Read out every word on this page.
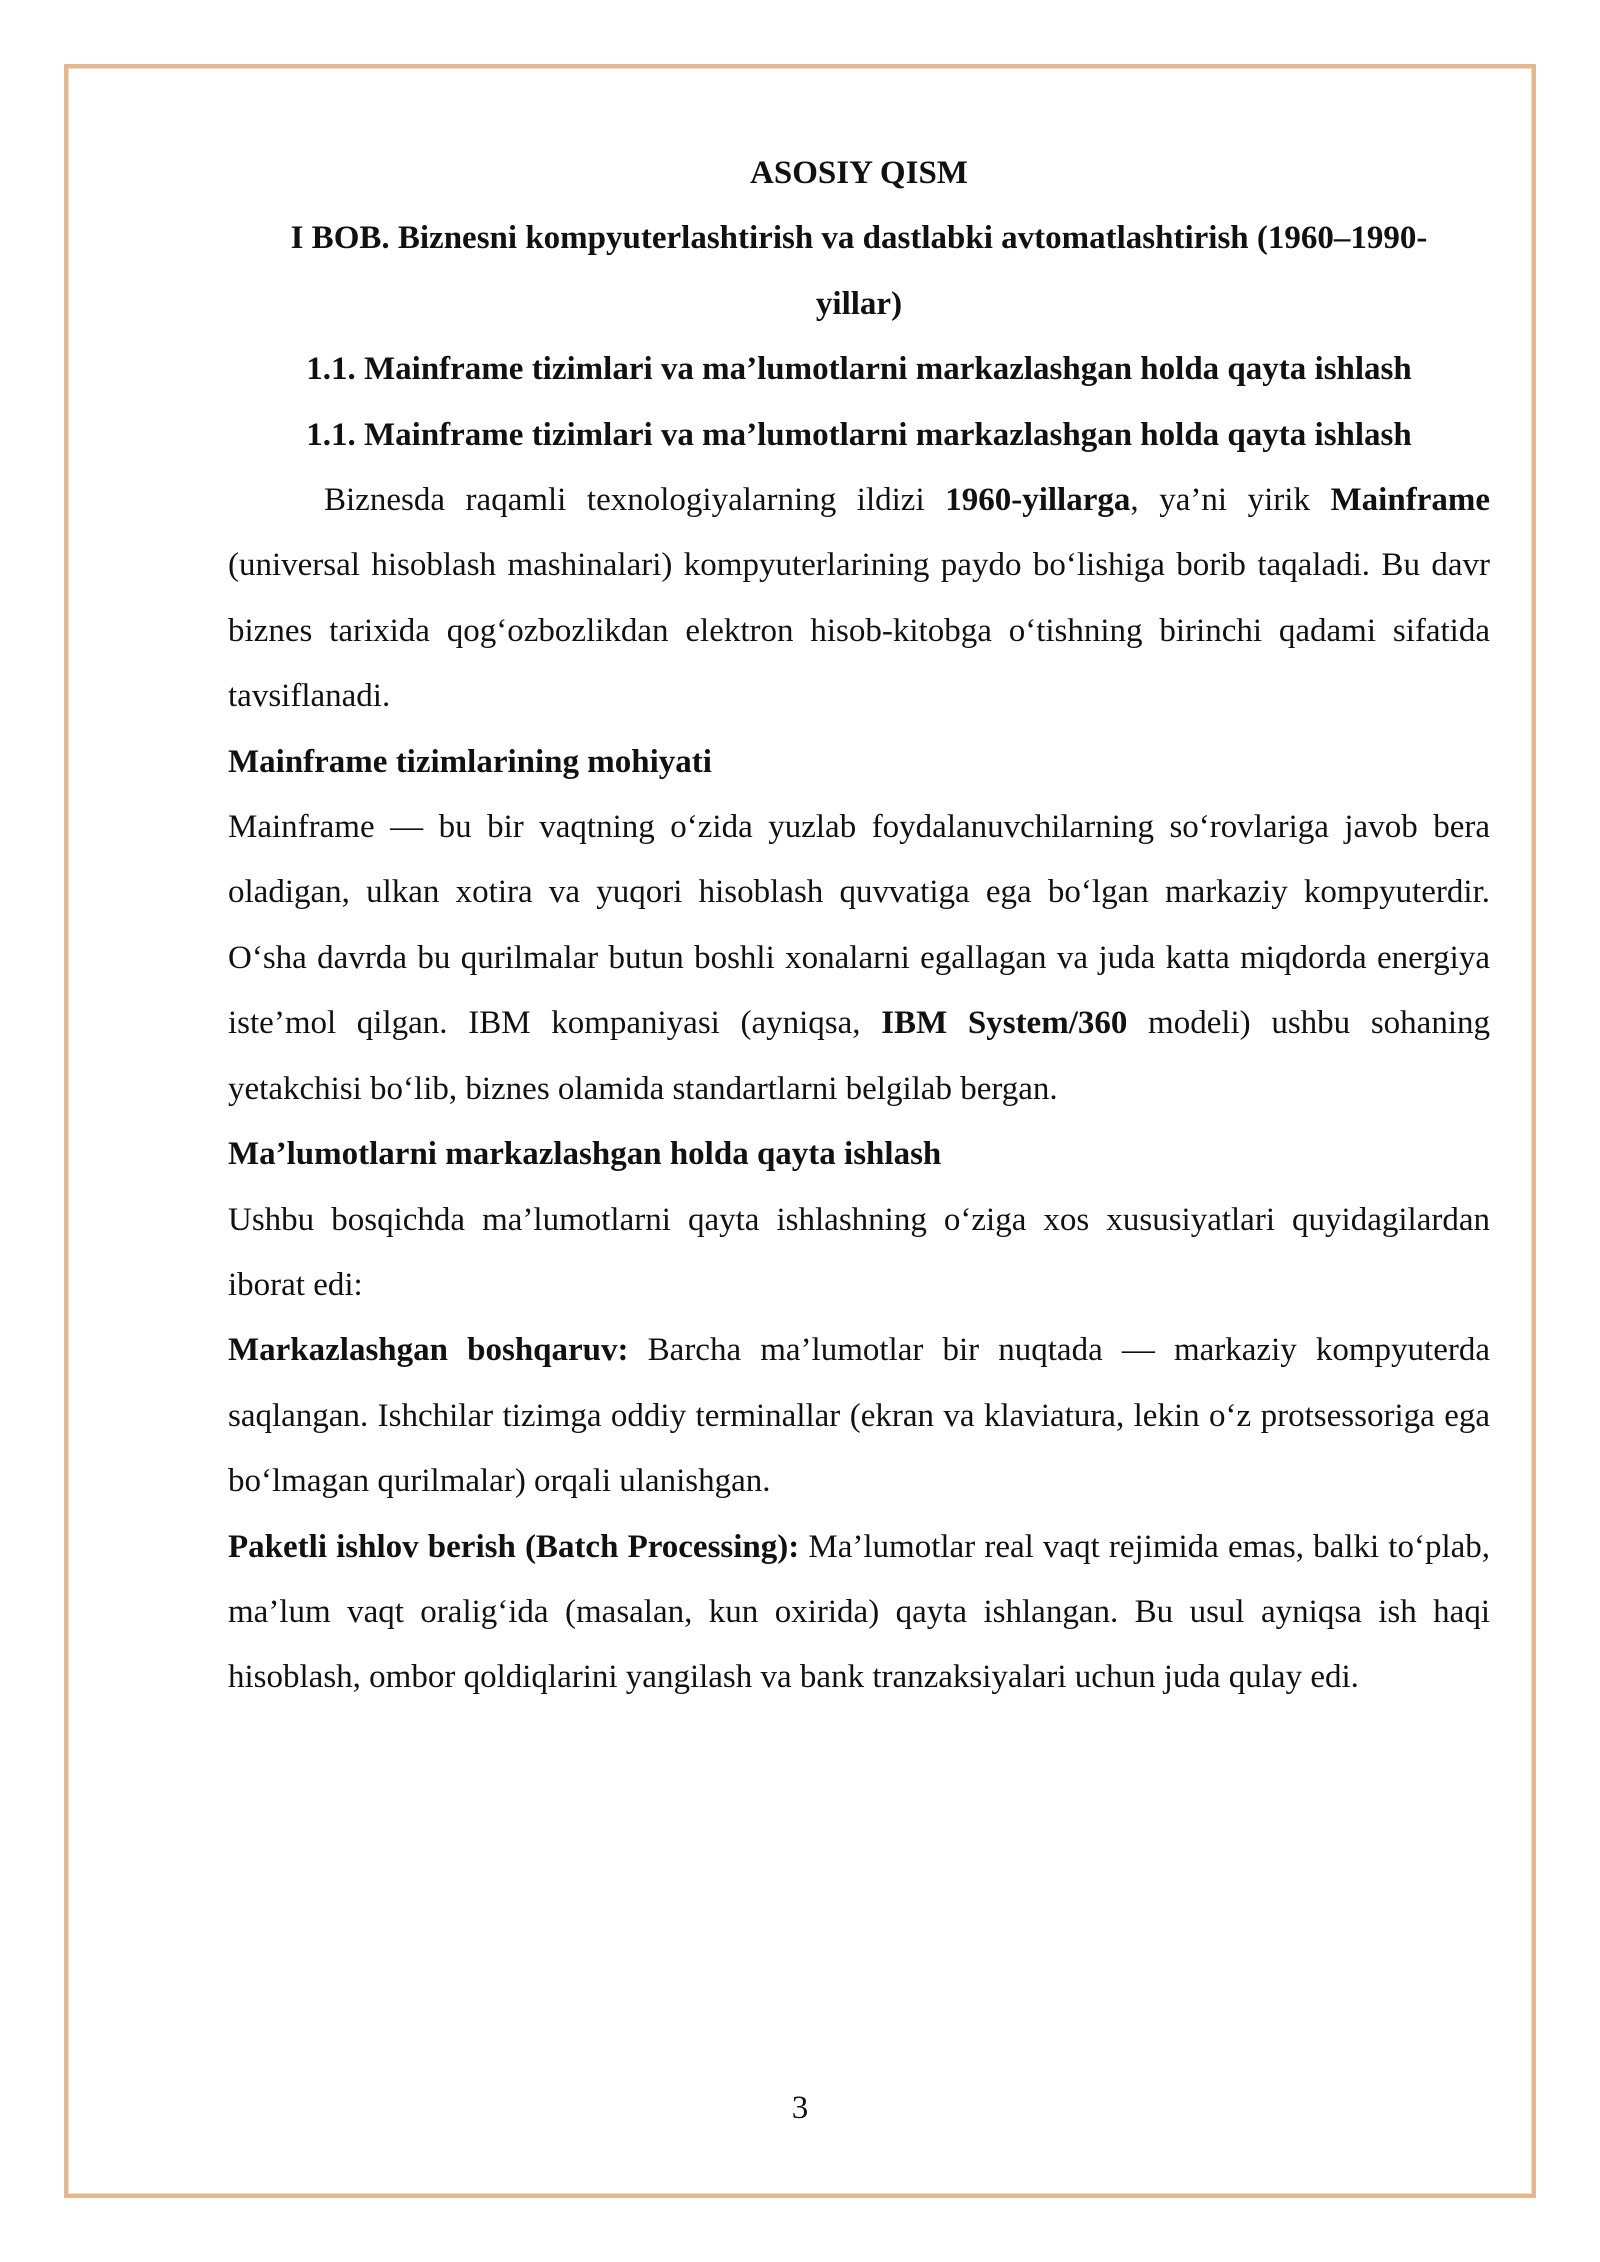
ASOSIY QISM

I BOB. Biznesni kompyuterlashtirish va dastlabki avtomatlashtirish (1960–1990-yillar)

1.1. Mainframe tizimlari va ma’lumotlarni markazlashgan holda qayta ishlash

1.1. Mainframe tizimlari va ma’lumotlarni markazlashgan holda qayta ishlash

Biznesda raqamli texnologiyalarning ildizi 1960-yillarga, ya’ni yirik Mainframe (universal hisoblash mashinalari) kompyuterlarining paydo bo‘lishiga borib taqaladi. Bu davr biznes tarixida qog‘ozbozlikdan elektron hisob-kitobga o‘tishning birinchi qadami sifatida tavsiflanadi.

Mainframe tizimlarining mohiyati

Mainframe — bu bir vaqtning o‘zida yuzlab foydalanuvchilarning so‘rovlariga javob bera oladigan, ulkan xotira va yuqori hisoblash quvvatiga ega bo‘lgan markaziy kompyuterdir. O‘sha davrda bu qurilmalar butun boshli xonalarni egallagan va juda katta miqdorda energiya iste’mol qilgan. IBM kompaniyasi (ayniqsa, IBM System/360 modeli) ushbu sohaning yetakchisi bo‘lib, biznes olamida standartlarni belgilab bergan.

Ma’lumotlarni markazlashgan holda qayta ishlash

Ushbu bosqichda ma’lumotlarni qayta ishlashning o‘ziga xos xususiyatlari quyidagilardan iborat edi:

Markazlashgan boshqaruv: Barcha ma’lumotlar bir nuqtada — markaziy kompyuterda saqlangan. Ishchilar tizimga oddiy terminallar (ekran va klaviatura, lekin o‘z protsessoriga ega bo‘lmagan qurilmalar) orqali ulanishgan.

Paketli ishlov berish (Batch Processing): Ma’lumotlar real vaqt rejimida emas, balki to‘plab, ma’lum vaqt oralig‘ida (masalan, kun oxirida) qayta ishlangan. Bu usul ayniqsa ish haqi hisoblash, ombor qoldiqlarini yangilash va bank tranzaksiyalari uchun juda qulay edi.

3
